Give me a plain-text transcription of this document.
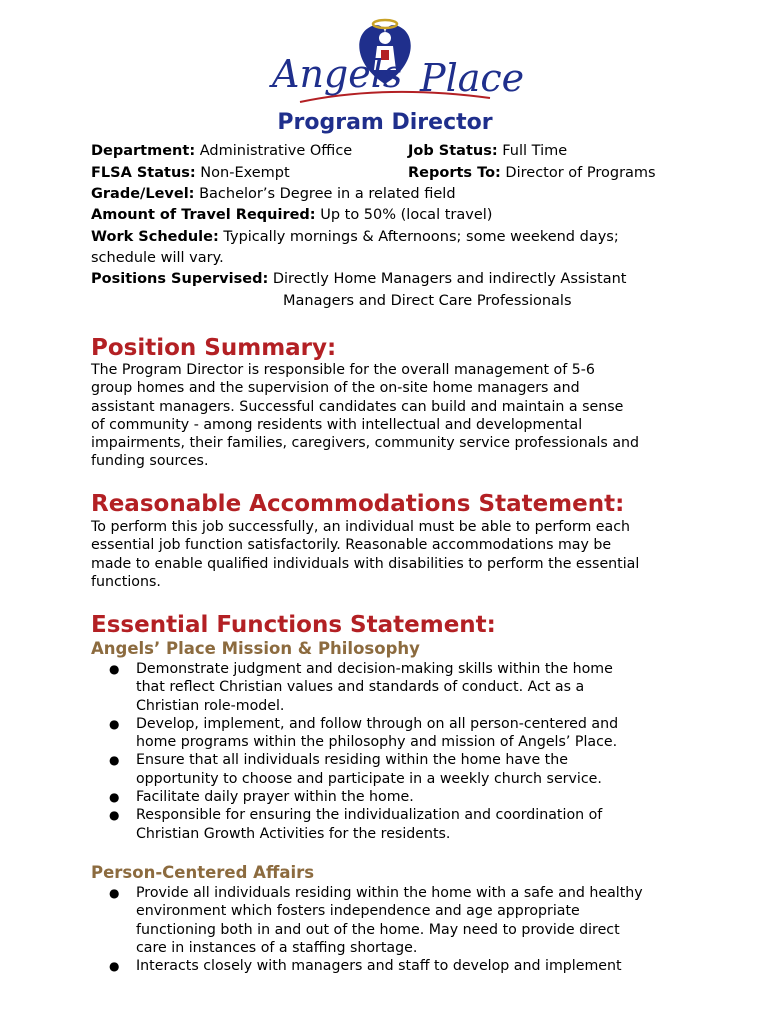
Angels Place
Program Director
Department: Administrative Office	Job Status: Full Time
FLSA Status: Non-Exempt	Reports To: Director of Programs
Grade/Level: Bachelor’s Degree in a related field
Amount of Travel Required: Up to 50% (local travel)
Work Schedule: Typically mornings & Afternoons; some weekend days;
schedule will vary.
Positions Supervised: Directly Home Managers and indirectly Assistant
Managers and Direct Care Professionals
Position Summary:
The Program Director is responsible for the overall management of 5-6
group homes and the supervision of the on-site home managers and
assistant managers. Successful candidates can build and maintain a sense
of community - among residents with intellectual and developmental
impairments, their families, caregivers, community service professionals and
funding sources.
Reasonable Accommodations Statement:
To perform this job successfully, an individual must be able to perform each
essential job function satisfactorily. Reasonable accommodations may be
made to enable qualified individuals with disabilities to perform the essential
functions.
Essential Functions Statement:
Angels’ Place Mission & Philosophy
● Demonstrate judgment and decision-making skills within the home
that reflect Christian values and standards of conduct. Act as a
Christian role-model.
● Develop, implement, and follow through on all person-centered and
home programs within the philosophy and mission of Angels’ Place.
● Ensure that all individuals residing within the home have the
opportunity to choose and participate in a weekly church service.
● Facilitate daily prayer within the home.
● Responsible for ensuring the individualization and coordination of
Christian Growth Activities for the residents.
Person-Centered Affairs
● Provide all individuals residing within the home with a safe and healthy
environment which fosters independence and age appropriate
functioning both in and out of the home. May need to provide direct
care in instances of a staffing shortage.
● Interacts closely with managers and staff to develop and implement
